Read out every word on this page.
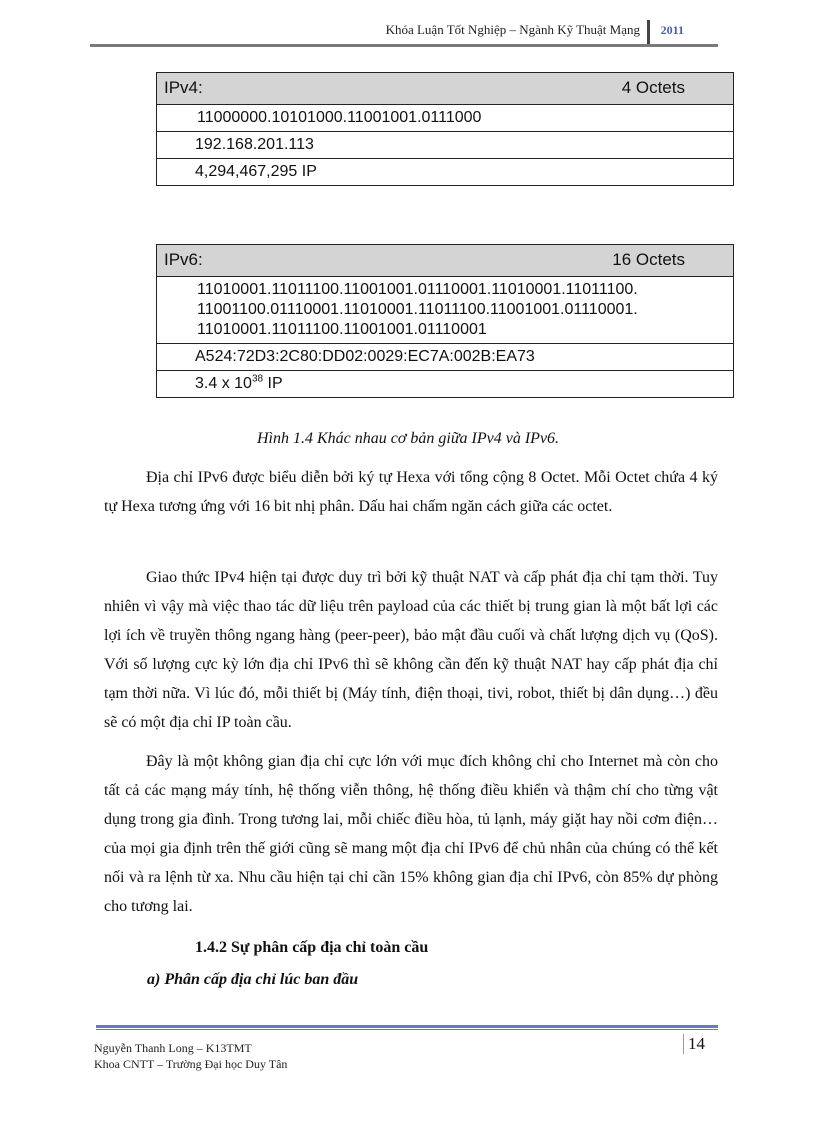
Khóa Luận Tốt Nghiệp – Ngành Kỹ Thuật Mạng 2011
IPv4:	4 Octets
11000000.10101000.11001001.0111000
192.168.201.113
4,294,467,295 IP
IPv6:	16 Octets
11010001.11011100.11001001.01110001.11010001.11011100.
11001100.01110001.11010001.11011100.11001001.01110001.
11010001.11011100.11001001.01110001
A524:72D3:2C80:DD02:0029:EC7A:002B:EA73
3.4 x $10^{38}$ IP
Hình 1.4 Khác nhau cơ bản giữa IPv4 và IPv6.

Địa chỉ IPv6 được biểu diễn bởi ký tự Hexa với tổng cộng 8 Octet. Mỗi Octet chứa 4 ký tự Hexa tương ứng với 16 bit nhị phân. Dấu hai chấm ngăn cách giữa các octet.

Giao thức IPv4 hiện tại được duy trì bởi kỹ thuật NAT và cấp phát địa chỉ tạm thời. Tuy nhiên vì vậy mà việc thao tác dữ liệu trên payload của các thiết bị trung gian là một bất lợi các lợi ích về truyền thông ngang hàng (peer-peer), bảo mật đầu cuối và chất lượng dịch vụ (QoS). Với số lượng cực kỳ lớn địa chỉ IPv6 thì sẽ không cần đến kỹ thuật NAT hay cấp phát địa chỉ tạm thời nữa. Vì lúc đó, mỗi thiết bị (Máy tính, điện thoại, tivi, robot, thiết bị dân dụng…) đều sẽ có một địa chỉ IP toàn cầu.

Đây là một không gian địa chỉ cực lớn với mục đích không chỉ cho Internet mà còn cho tất cả các mạng máy tính, hệ thống viễn thông, hệ thống điều khiển và thậm chí cho từng vật dụng trong gia đình. Trong tương lai, mỗi chiếc điều hòa, tủ lạnh, máy giặt hay nồi cơm điện… của mọi gia định trên thế giới cũng sẽ mang một địa chỉ IPv6 để chủ nhân của chúng có thể kết nối và ra lệnh từ xa. Nhu cầu hiện tại chỉ cần 15% không gian địa chỉ IPv6, còn 85% dự phòng cho tương lai.

1.4.2 Sự phân cấp địa chỉ toàn cầu
a) Phân cấp địa chỉ lúc ban đầu
14
Nguyễn Thanh Long – K13TMT
Khoa CNTT – Trường Đại học Duy Tân
